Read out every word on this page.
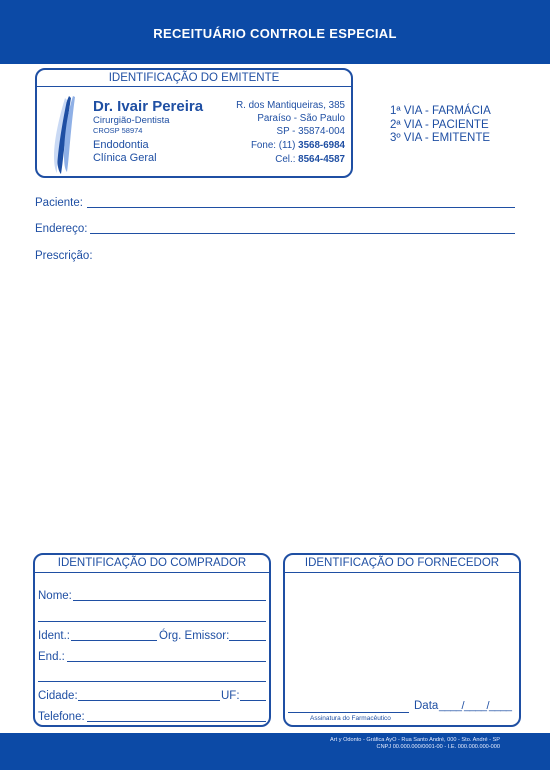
RECEITUÁRIO CONTROLE ESPECIAL
IDENTIFICAÇÃO DO EMITENTE
Dr. Ivair Pereira
Cirurgião-Dentista
CROSP 58974
Endodontia
Clínica Geral
R. dos Mantiqueiras, 385
Paraíso - São Paulo
SP - 35874-004
Fone: (11) 3568-6984
Cel.: 8564-4587
1ª VIA - FARMÁCIA
2ª VIA - PACIENTE
3º VIA - EMITENTE
Paciente:
Endereço:
Prescrição:
IDENTIFICAÇÃO DO COMPRADOR
Nome:
Ident.:	Órg. Emissor:
End.:
Cidade:	UF:
Telefone:
IDENTIFICAÇÃO DO FORNECEDOR
Assinatura do Farmacêutico
Data ____/____/____
Art y Odonto - Gráfica AyO - Rua Santo André, 000 - Sto. André - SP
CNPJ 00.000.000/0001-00 - I.E. 000.000.000-000
